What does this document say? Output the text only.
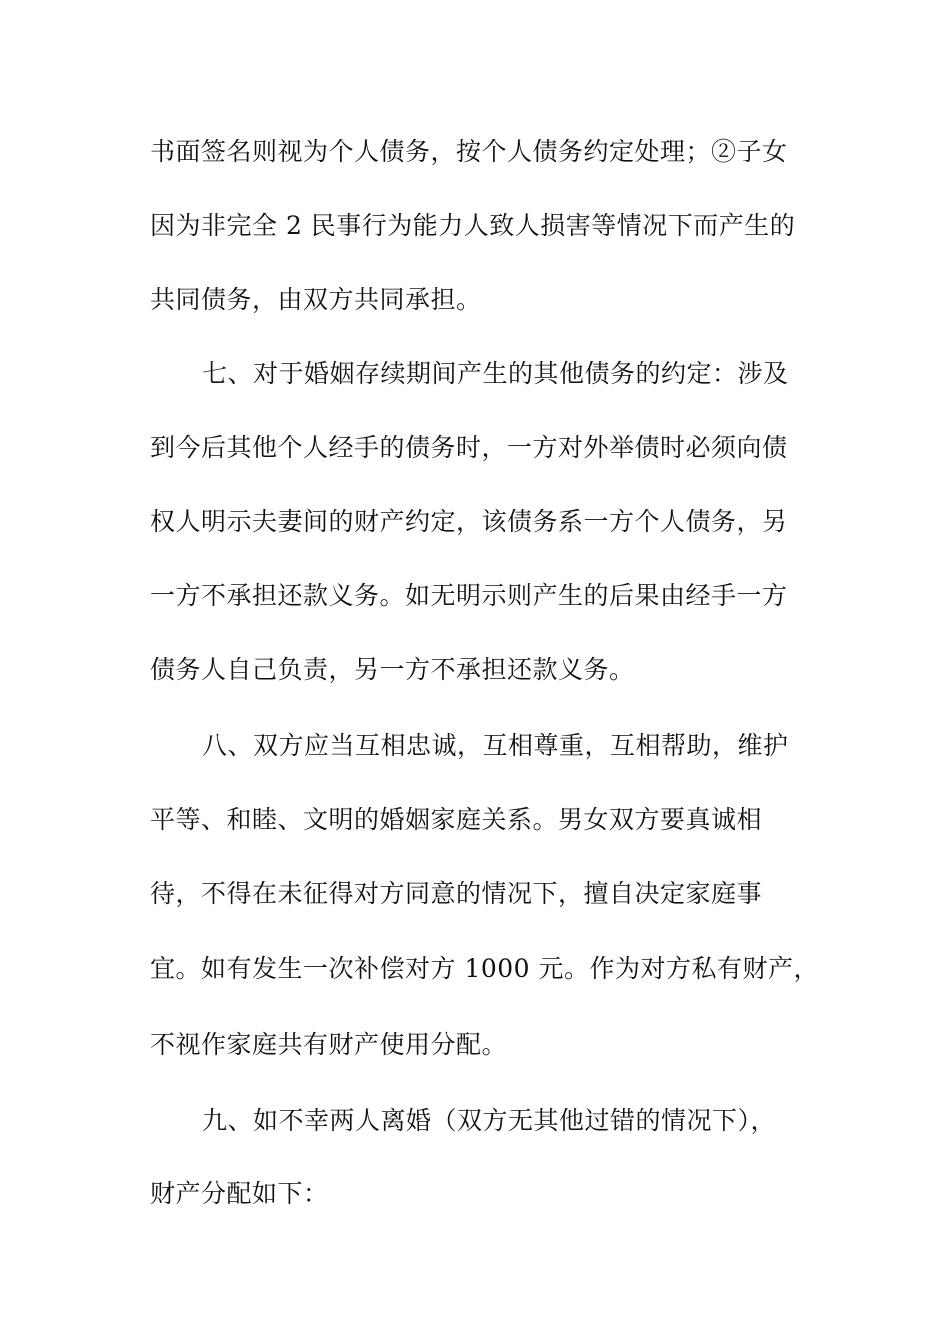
书面签名则视为个人债务，按个人债务约定处理；②子女
因为非完全 2 民事行为能力人致人损害等情况下而产生的
共同债务，由双方共同承担。
七、对于婚姻存续期间产生的其他债务的约定：涉及
到今后其他个人经手的债务时，一方对外举债时必须向债
权人明示夫妻间的财产约定，该债务系一方个人债务，另
一方不承担还款义务。如无明示则产生的后果由经手一方
债务人自己负责，另一方不承担还款义务。
八、双方应当互相忠诚，互相尊重，互相帮助，维护
平等、和睦、文明的婚姻家庭关系。男女双方要真诚相
待，不得在未征得对方同意的情况下，擅自决定家庭事
宜。如有发生一次补偿对方 1000 元。作为对方私有财产，
不视作家庭共有财产使用分配。
九、如不幸两人离婚（双方无其他过错的情况下），
财产分配如下：
